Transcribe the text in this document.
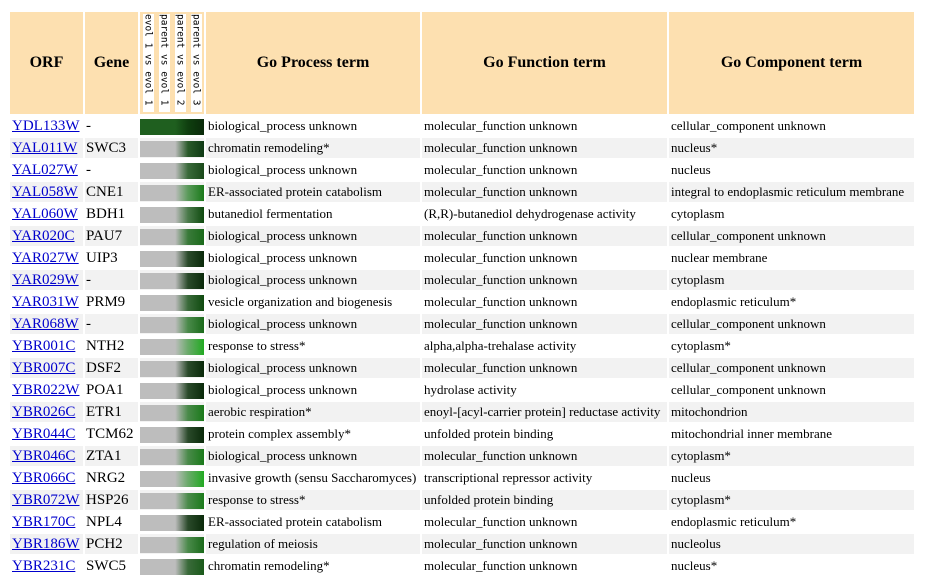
ORF	Gene	evol 1 vs evol 1 parent vs evol 1 parent vs evol 2 parent vs evol 3	Go Process term	Go Function term	Go Component term
YDL133W	-		biological_process unknown	molecular_function unknown	cellular_component unknown
YAL011W	SWC3		chromatin remodeling*	molecular_function unknown	nucleus*
YAL027W	-		biological_process unknown	molecular_function unknown	nucleus
YAL058W	CNE1		ER-associated protein catabolism	molecular_function unknown	integral to endoplasmic reticulum membrane
YAL060W	BDH1		butanediol fermentation	(R,R)-butanediol dehydrogenase activity	cytoplasm
YAR020C	PAU7		biological_process unknown	molecular_function unknown	cellular_component unknown
YAR027W	UIP3		biological_process unknown	molecular_function unknown	nuclear membrane
YAR029W	-		biological_process unknown	molecular_function unknown	cytoplasm
YAR031W	PRM9		vesicle organization and biogenesis	molecular_function unknown	endoplasmic reticulum*
YAR068W	-		biological_process unknown	molecular_function unknown	cellular_component unknown
YBR001C	NTH2		response to stress*	alpha,alpha-trehalase activity	cytoplasm*
YBR007C	DSF2		biological_process unknown	molecular_function unknown	cellular_component unknown
YBR022W	POA1		biological_process unknown	hydrolase activity	cellular_component unknown
YBR026C	ETR1		aerobic respiration*	enoyl-[acyl-carrier protein] reductase activity	mitochondrion
YBR044C	TCM62		protein complex assembly*	unfolded protein binding	mitochondrial inner membrane
YBR046C	ZTA1		biological_process unknown	molecular_function unknown	cytoplasm*
YBR066C	NRG2		invasive growth (sensu Saccharomyces)	transcriptional repressor activity	nucleus
YBR072W	HSP26		response to stress*	unfolded protein binding	cytoplasm*
YBR170C	NPL4		ER-associated protein catabolism	molecular_function unknown	endoplasmic reticulum*
YBR186W	PCH2		regulation of meiosis	molecular_function unknown	nucleolus
YBR231C	SWC5		chromatin remodeling*	molecular_function unknown	nucleus*
